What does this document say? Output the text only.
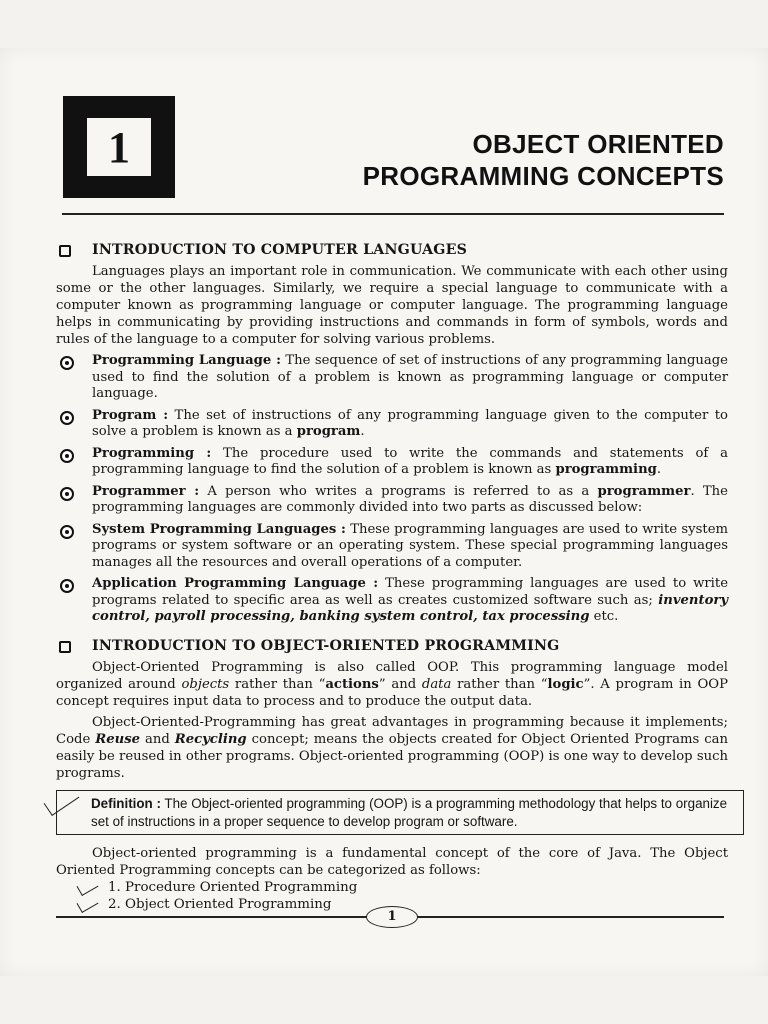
1	OBJECT ORIENTED
PROGRAMMING CONCEPTS
INTRODUCTION TO COMPUTER LANGUAGES

Languages plays an important role in communication. We communicate with each other using some or the other languages. Similarly, we require a special language to communicate with a computer known as programming language or computer language. The programming language helps in communicating by providing instructions and commands in form of symbols, words and rules of the language to a computer for solving various problems.

Programming Language : The sequence of set of instructions of any programming language used to find the solution of a problem is known as programming language or computer language.
Program : The set of instructions of any programming language given to the computer to solve a problem is known as a program.
Programming : The procedure used to write the commands and statements of a programming language to find the solution of a problem is known as programming.
Programmer : A person who writes a programs is referred to as a programmer. The programming languages are commonly divided into two parts as discussed below:
System Programming Languages : These programming languages are used to write system programs or system software or an operating system. These special programming languages manages all the resources and overall operations of a computer.
Application Programming Language : These programming languages are used to write programs related to specific area as well as creates customized software such as; inventory control, payroll processing, banking system control, tax processing etc.
INTRODUCTION TO OBJECT-ORIENTED PROGRAMMING

Object-Oriented Programming is also called OOP. This programming language model organized around objects rather than “actions” and data rather than “logic”. A program in OOP concept requires input data to process and to produce the output data.

Object-Oriented-Programming has great advantages in programming because it implements; Code Reuse and Recycling concept; means the objects created for Object Oriented Programs can easily be reused in other programs. Object-oriented programming (OOP) is one way to develop such programs.

Definition : The Object-oriented programming (OOP) is a programming methodology that helps to organize set of instructions in a proper sequence to develop program or software.

Object-oriented programming is a fundamental concept of the core of Java. The Object Oriented Programming concepts can be categorized as follows:

1. Procedure Oriented Programming
2. Object Oriented Programming
1
